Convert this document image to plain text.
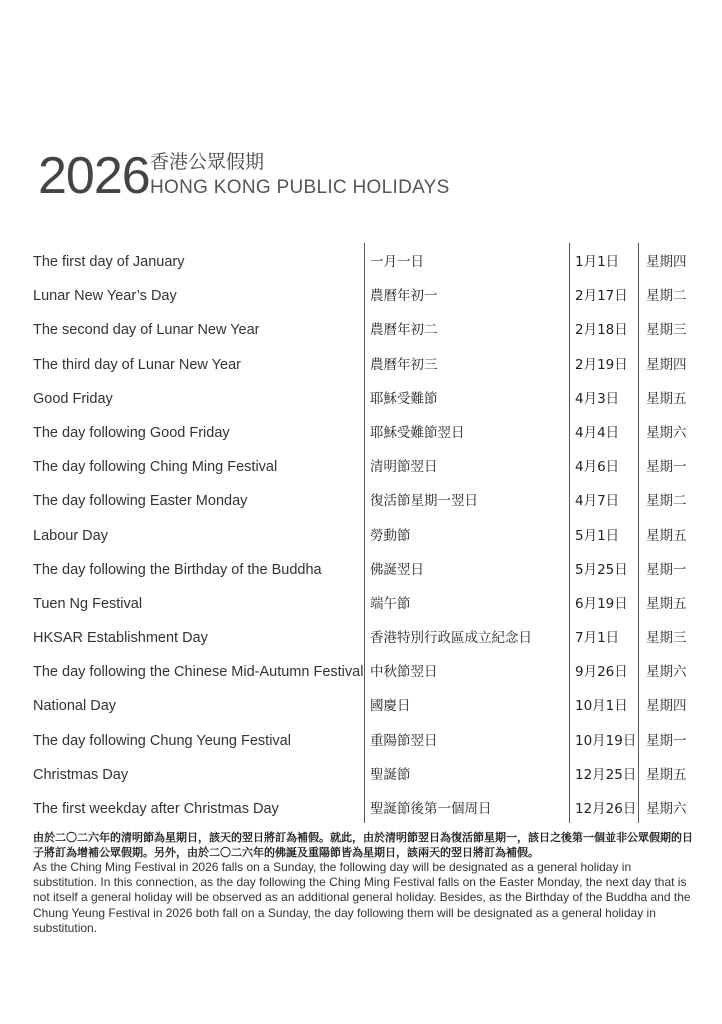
2026 香港公眾假期
HONG KONG PUBLIC HOLIDAYS
The first day of January	一月一日	1月1日 星期四
Lunar New Year’s Day	農曆年初一	2月17日 星期二
The second day of Lunar New Year	農曆年初二	2月18日 星期三
The third day of Lunar New Year	農曆年初三	2月19日 星期四
Good Friday	耶穌受難節	4月3日 星期五
The day following Good Friday	耶穌受難節翌日	4月4日 星期六
The day following Ching Ming Festival	清明節翌日	4月6日 星期一
The day following Easter Monday	復活節星期一翌日	4月7日 星期二
Labour Day	勞動節	5月1日 星期五
The day following the Birthday of the Buddha	佛誕翌日	5月25日 星期一
Tuen Ng Festival	端午節	6月19日 星期五
HKSAR Establishment Day	香港特別行政區成立紀念日	7月1日 星期三
The day following the Chinese Mid-Autumn Festival 中秋節翌日	9月26日 星期六
National Day	國慶日	10月1日 星期四
The day following Chung Yeung Festival	重陽節翌日	10月19日 星期一
Christmas Day	聖誕節	12月25日 星期五
The first weekday after Christmas Day	聖誕節後第一個周日	12月26日 星期六
由於二〇二六年的清明節為星期日，該天的翌日將訂為補假。就此，由於清明節翌日為復活節星期一，該日之後第一個並非公眾假期的日子將訂為增補公眾假期。另外，由於二〇二六年的佛誕及重陽節皆為星期日，該兩天的翌日將訂為補假。
As the Ching Ming Festival in 2026 falls on a Sunday, the following day will be designated as a general holiday in substitution. In this connection, as the day following the Ching Ming Festival falls on the Easter Monday, the next day that is not itself a general holiday will be observed as an additional general holiday. Besides, as the Birthday of the Buddha and the Chung Yeung Festival in 2026 both fall on a Sunday, the day following them will be designated as a general holiday in substitution.
